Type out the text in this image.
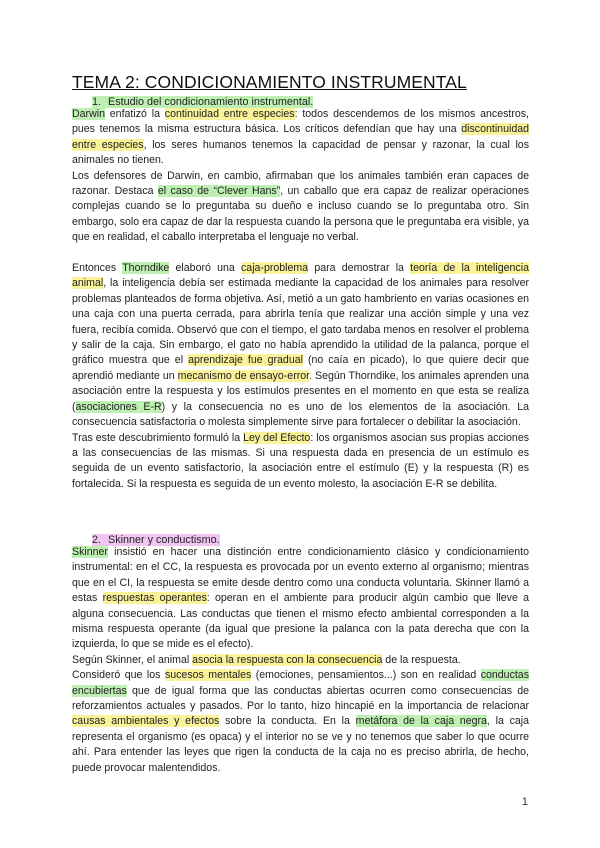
TEMA 2: CONDICIONAMIENTO INSTRUMENTAL
1. Estudio del condicionamiento instrumental.

Darwin enfatizó la continuidad entre especies: todos descendemos de los mismos ancestros, pues tenemos la misma estructura básica. Los críticos defendían que hay una discontinuidad entre especies, los seres humanos tenemos la capacidad de pensar y razonar, la cual los animales no tienen.

Los defensores de Darwin, en cambio, afirmaban que los animales también eran capaces de razonar. Destaca el caso de “Clever Hans”, un caballo que era capaz de realizar operaciones complejas cuando se lo preguntaba su dueño e incluso cuando se lo preguntaba otro. Sin embargo, solo era capaz de dar la respuesta cuando la persona que le preguntaba era visible, ya que en realidad, el caballo interpretaba el lenguaje no verbal.

Entonces Thorndike elaboró una caja-problema para demostrar la teoría de la inteligencia animal, la inteligencia debía ser estimada mediante la capacidad de los animales para resolver problemas planteados de forma objetiva. Así, metió a un gato hambriento en varias ocasiones en una caja con una puerta cerrada, para abrirla tenía que realizar una acción simple y una vez fuera, recibía comida. Observó que con el tiempo, el gato tardaba menos en resolver el problema y salir de la caja. Sin embargo, el gato no había aprendido la utilidad de la palanca, porque el gráfico muestra que el aprendizaje fue gradual (no caía en picado), lo que quiere decir que aprendió mediante un mecanismo de ensayo-error. Según Thorndike, los animales aprenden una asociación entre la respuesta y los estímulos presentes en el momento en que esta se realiza (asociaciones E-R) y la consecuencia no es uno de los elementos de la asociación. La consecuencia satisfactoria o molesta simplemente sirve para fortalecer o debilitar la asociación.

Tras este descubrimiento formuló la Ley del Efecto: los organismos asocian sus propias acciones a las consecuencias de las mismas. Si una respuesta dada en presencia de un estímulo es seguida de un evento satisfactorio, la asociación entre el estímulo (E) y la respuesta (R) es fortalecida. Si la respuesta es seguida de un evento molesto, la asociación E-R se debilita.

2. Skinner y conductismo.

Skinner insistió en hacer una distinción entre condicionamiento clásico y condicionamiento instrumental: en el CC, la respuesta es provocada por un evento externo al organismo; mientras que en el CI, la respuesta se emite desde dentro como una conducta voluntaria. Skinner llamó a estas respuestas operantes: operan en el ambiente para producir algún cambio que lleve a alguna consecuencia. Las conductas que tienen el mismo efecto ambiental corresponden a la misma respuesta operante (da igual que presione la palanca con la pata derecha que con la izquierda, lo que se mide es el efecto).

Según Skinner, el animal asocia la respuesta con la consecuencia de la respuesta.

Consideró que los sucesos mentales (emociones, pensamientos...) son en realidad conductas encubiertas que de igual forma que las conductas abiertas ocurren como consecuencias de reforzamientos actuales y pasados. Por lo tanto, hizo hincapié en la importancia de relacionar causas ambientales y efectos sobre la conducta. En la metáfora de la caja negra, la caja representa el organismo (es opaca) y el interior no se ve y no tenemos que saber lo que ocurre ahí. Para entender las leyes que rigen la conducta de la caja no es preciso abrirla, de hecho, puede provocar malentendidos.

1
